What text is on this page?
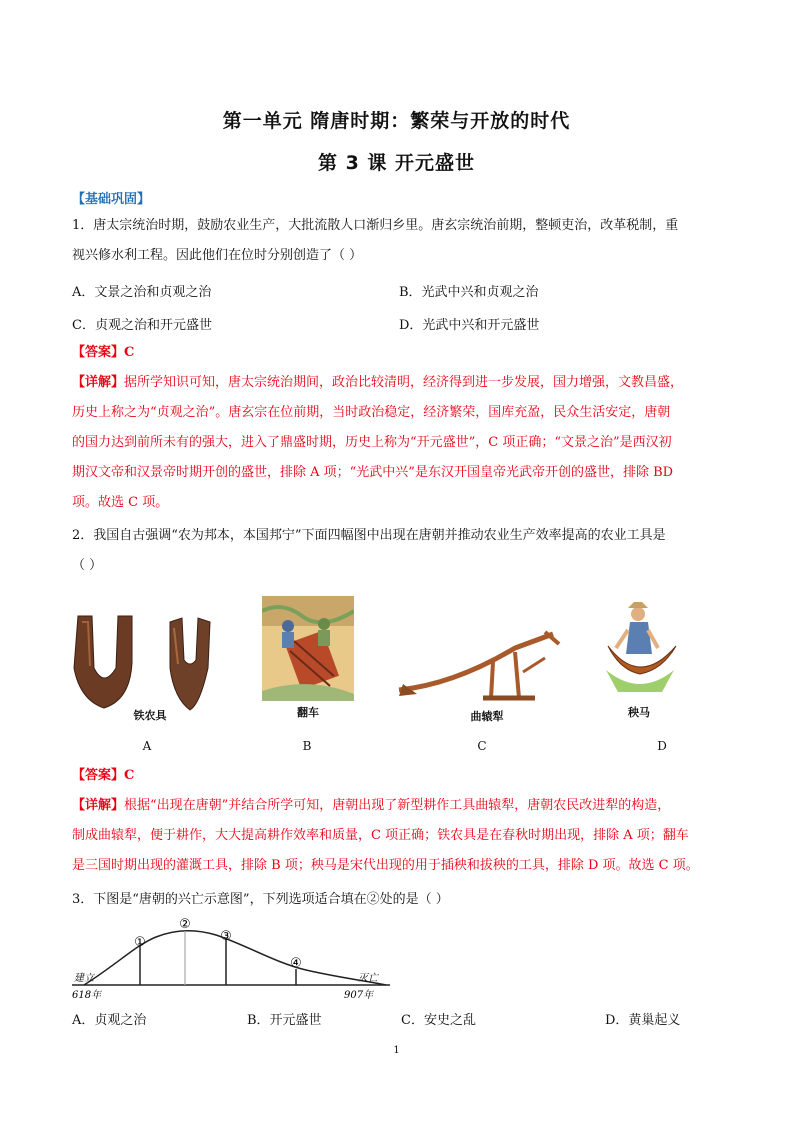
第一单元 隋唐时期：繁荣与开放的时代
第 3 课 开元盛世
【基础巩固】
1．唐太宗统治时期，鼓励农业生产，大批流散人口渐归乡里。唐玄宗统治前期，整顿吏治，改革税制，重
视兴修水利工程。因此他们在位时分别创造了（ ）
A．文景之治和贞观之治	B．光武中兴和贞观之治
C．贞观之治和开元盛世	D．光武中兴和开元盛世
【答案】C
【详解】据所学知识可知，唐太宗统治期间，政治比较清明，经济得到进一步发展，国力增强，文教昌盛，
历史上称之为“贞观之治”。唐玄宗在位前期，当时政治稳定，经济繁荣，国库充盈，民众生活安定，唐朝
的国力达到前所未有的强大，进入了鼎盛时期，历史上称为“开元盛世”，C 项正确；“文景之治”是西汉初
期汉文帝和汉景帝时期开创的盛世，排除 A 项；“光武中兴”是东汉开国皇帝光武帝开创的盛世，排除 BD
项。故选 C 项。
2．我国自古强调“农为邦本，本国邦宁”下面四幅图中出现在唐朝并推动农业生产效率提高的农业工具是
（ ）
铁农具	翻车	曲辕犁	秧马
A	B	C	D
【答案】C
【详解】根据“出现在唐朝”并结合所学可知，唐朝出现了新型耕作工具曲辕犁，唐朝农民改进犁的构造，
制成曲辕犁，便于耕作，大大提高耕作效率和质量，C 项正确；铁农具是在春秋时期出现，排除 A 项；翻车
是三国时期出现的灌溉工具，排除 B 项；秧马是宋代出现的用于插秧和拔秧的工具，排除 D 项。故选 C 项。
3．下图是“唐朝的兴亡示意图”，下列选项适合填在②处的是（ ）
①
②
③
④
建立
618年
灭亡
907年
A．贞观之治	B．开元盛世	C．安史之乱	D．黄巢起义
1
